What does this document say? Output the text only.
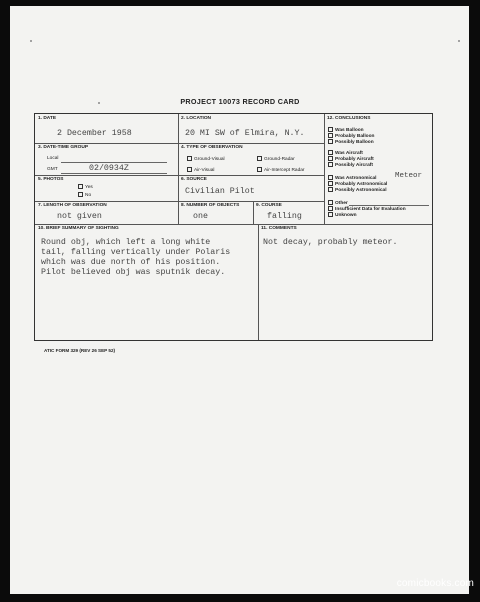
PROJECT 10073 RECORD CARD
1. DATE
2 December 1958
2. LOCATION
20 MI SW of Elmira, N.Y.
3. DATE-TIME GROUP
Local
GMT	02/0934Z
4. TYPE OF OBSERVATION
Ground-Visual	Ground-Radar
Air-Visual	Air-Intercept Radar
5. PHOTOS
Yes
No
6. SOURCE
Civilian Pilot
7. LENGTH OF OBSERVATION
not given
8. NUMBER OF OBJECTS
one
9. COURSE
falling
10. BRIEF SUMMARY OF SIGHTING
Round obj, which left a long white
tail, falling vertically under Polaris
which was due north of his position.
Pilot believed obj was sputnik decay.
11. COMMENTS
Not decay, probably meteor.
12. CONCLUSIONS
Was Balloon
Probably Balloon
Possibly Balloon
Was Aircraft
Probably Aircraft
Possibly Aircraft
Was Astronomical Meteor
Probably Astronomical
Possibly Astronomical
Other
Insufficient Data for Evaluation
Unknown
ATIC FORM 329 (REV 26 SEP 52)
comicbooks.com
